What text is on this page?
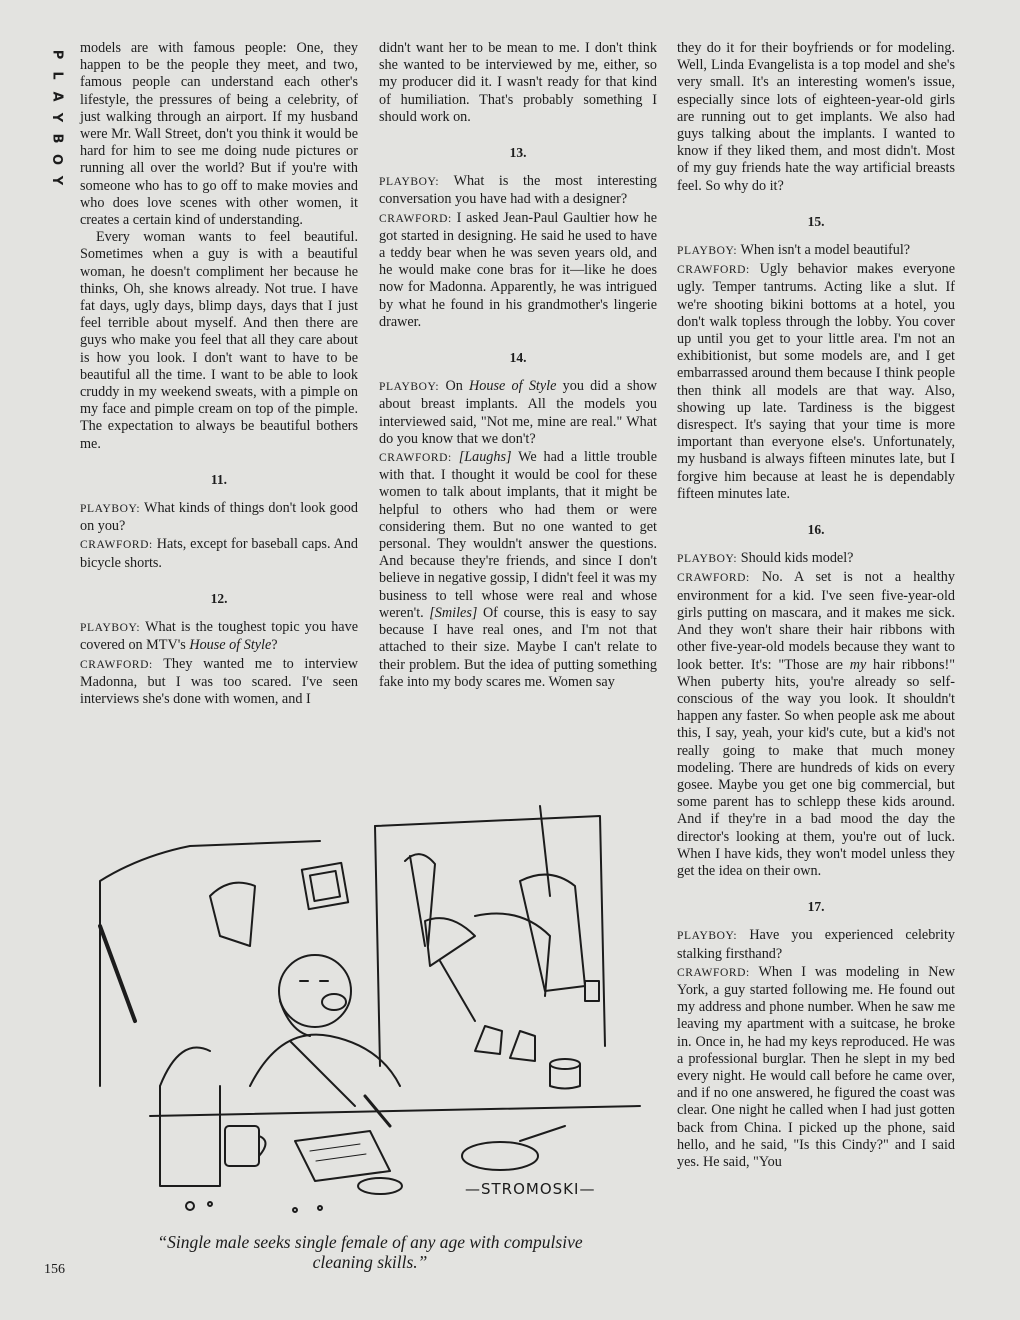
P
L
A
Y
B
O
Y

models are with famous people: One, they happen to be the people they meet, and two, famous people can understand each other's lifestyle, the pressures of being a celebrity, of just walking through an airport. If my husband were Mr. Wall Street, don't you think it would be hard for him to see me doing nude pictures or running all over the world? But if you're with someone who has to go off to make movies and who does love scenes with other women, it creates a certain kind of understanding.

Every woman wants to feel beautiful. Sometimes when a guy is with a beautiful woman, he doesn't compliment her because he thinks, Oh, she knows already. Not true. I have fat days, ugly days, blimp days, days that I just feel terrible about myself. And then there are guys who make you feel that all they care about is how you look. I don't want to have to be beautiful all the time. I want to be able to look cruddy in my weekend sweats, with a pimple on my face and pimple cream on top of the pimple. The expectation to always be beautiful bothers me.

11.

PLAYBOY: What kinds of things don't look good on you?

CRAWFORD: Hats, except for baseball caps. And bicycle shorts.

12.

PLAYBOY: What is the toughest topic you have covered on MTV's House of Style?

CRAWFORD: They wanted me to interview Madonna, but I was too scared. I've seen interviews she's done with women, and I

didn't want her to be mean to me. I don't think she wanted to be interviewed by me, either, so my producer did it. I wasn't ready for that kind of humiliation. That's probably something I should work on.

13.

PLAYBOY: What is the most interesting conversation you have had with a designer?

CRAWFORD: I asked Jean-Paul Gaultier how he got started in designing. He said he used to have a teddy bear when he was seven years old, and he would make cone bras for it—like he does now for Madonna. Apparently, he was intrigued by what he found in his grandmother's lingerie drawer.

14.

PLAYBOY: On House of Style you did a show about breast implants. All the models you interviewed said, "Not me, mine are real." What do you know that we don't?

CRAWFORD: [Laughs] We had a little trouble with that. I thought it would be cool for these women to talk about implants, that it might be helpful to others who had them or were considering them. But no one wanted to get personal. They wouldn't answer the questions. And because they're friends, and since I don't believe in negative gossip, I didn't feel it was my business to tell whose were real and whose weren't. [Smiles] Of course, this is easy to say because I have real ones, and I'm not that attached to their size. Maybe I can't relate to their problem. But the idea of putting something fake into my body scares me. Women say

they do it for their boyfriends or for modeling. Well, Linda Evangelista is a top model and she's very small. It's an interesting women's issue, especially since lots of eighteen-year-old girls are running out to get implants. We also had guys talking about the implants. I wanted to know if they liked them, and most didn't. Most of my guy friends hate the way artificial breasts feel. So why do it?

15.

PLAYBOY: When isn't a model beautiful?

CRAWFORD: Ugly behavior makes everyone ugly. Temper tantrums. Acting like a slut. If we're shooting bikini bottoms at a hotel, you don't walk topless through the lobby. You cover up until you get to your little area. I'm not an exhibitionist, but some models are, and I get embarrassed around them because I think people then think all models are that way. Also, showing up late. Tardiness is the biggest disrespect. It's saying that your time is more important than everyone else's. Unfortunately, my husband is always fifteen minutes late, but I forgive him because at least he is dependably fifteen minutes late.

16.

PLAYBOY: Should kids model?

CRAWFORD: No. A set is not a healthy environment for a kid. I've seen five-year-old girls putting on mascara, and it makes me sick. And they won't share their hair ribbons with other five-year-old models because they want to look better. It's: "Those are my hair ribbons!" When puberty hits, you're already so self-conscious of the way you look. It shouldn't happen any faster. So when people ask me about this, I say, yeah, your kid's cute, but a kid's not really going to make that much money modeling. There are hundreds of kids on every gosee. Maybe you get one big commercial, but some parent has to schlepp these kids around. And if they're in a bad mood the day the director's looking at them, you're out of luck. When I have kids, they won't model unless they get the idea on their own.

17.

PLAYBOY: Have you experienced celebrity stalking firsthand?

CRAWFORD: When I was modeling in New York, a guy started following me. He found out my address and phone number. When he saw me leaving my apartment with a suitcase, he broke in. Once in, he had my keys reproduced. He was a professional burglar. Then he slept in my bed every night. He would call before he came over, and if no one answered, he figured the coast was clear. One night he called when I had just gotten back from China. I picked up the phone, said hello, and he said, "Is this Cindy?" and I said yes. He said, "You

—STROMOSKI—
“Single male seeks single female of any age with compulsive cleaning skills.”
156
